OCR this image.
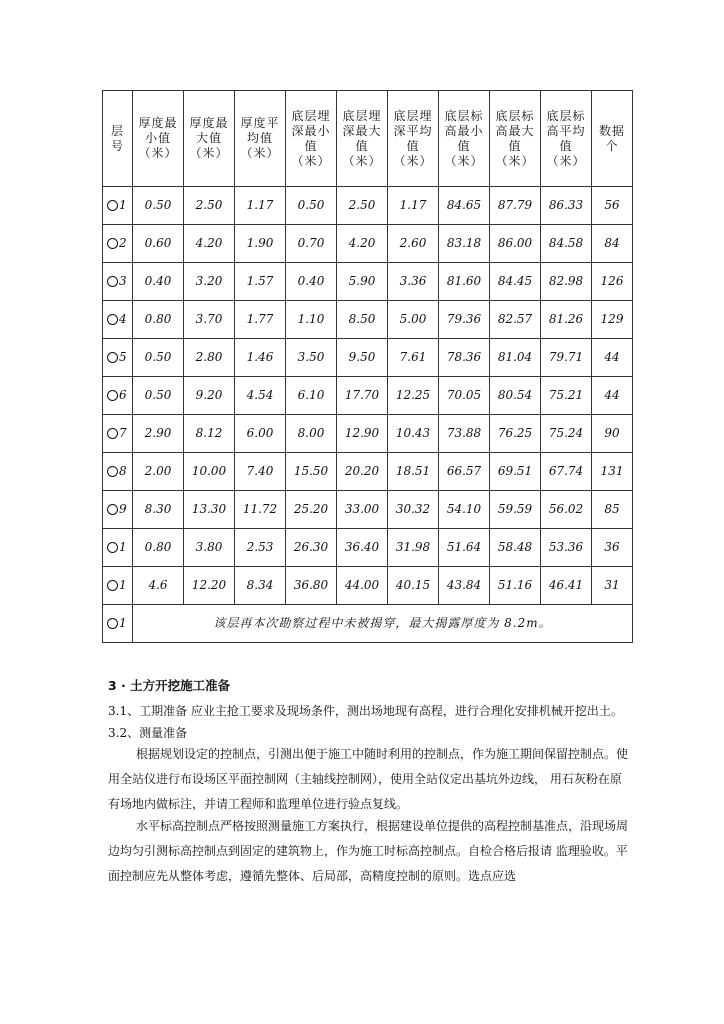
层号	厚度最小值（米）	厚度最大值（米）	厚度平均值（米）	底层埋深最小值（米）	底层埋深最大值（米）	底层埋深平均值（米）	底层标高最小值（米）	底层标高最大值（米）	底层标高平均值（米）	数据个
1	0.50	2.50	1.17	0.50	2.50	1.17	84.65	87.79	86.33	56
2	0.60	4.20	1.90	0.70	4.20	2.60	83.18	86.00	84.58	84
3	0.40	3.20	1.57	0.40	5.90	3.36	81.60	84.45	82.98	126
4	0.80	3.70	1.77	1.10	8.50	5.00	79.36	82.57	81.26	129
5	0.50	2.80	1.46	3.50	9.50	7.61	78.36	81.04	79.71	44
6	0.50	9.20	4.54	6.10	17.70	12.25	70.05	80.54	75.21	44
7	2.90	8.12	6.00	8.00	12.90	10.43	73.88	76.25	75.24	90
8	2.00	10.00	7.40	15.50	20.20	18.51	66.57	69.51	67.74	131
9	8.30	13.30	11.72	25.20	33.00	30.32	54.10	59.59	56.02	85
1	0.80	3.80	2.53	26.30	36.40	31.98	51.64	58.48	53.36	36
1	4.6	12.20	8.34	36.80	44.00	40.15	43.84	51.16	46.41	31
1	该层再本次勘察过程中未被揭穿，最大揭露厚度为 8.2m。									
3 · 土方开挖施工准备
3.1、工期准备 应业主抢工要求及现场条件，测出场地现有高程，进行合理化安排机械开挖出土。 3.2、测量准备
根据规划设定的控制点，引测出便于施工中随时利用的控制点，作为施工期间保留控制点。使用全站仪进行布设场区平面控制网（主轴线控制网），使用全站仪定出基坑外边线， 用石灰粉在原有场地内做标注，并请工程师和监理单位进行验点复线。
水平标高控制点严格按照测量施工方案执行，根据建设单位提供的高程控制基准点，沿现场周边均匀引测标高控制点到固定的建筑物上，作为施工时标高控制点。自检合格后报请 监理验收。平面控制应先从整体考虑，遵循先整体、后局部，高精度控制的原则。选点应选
